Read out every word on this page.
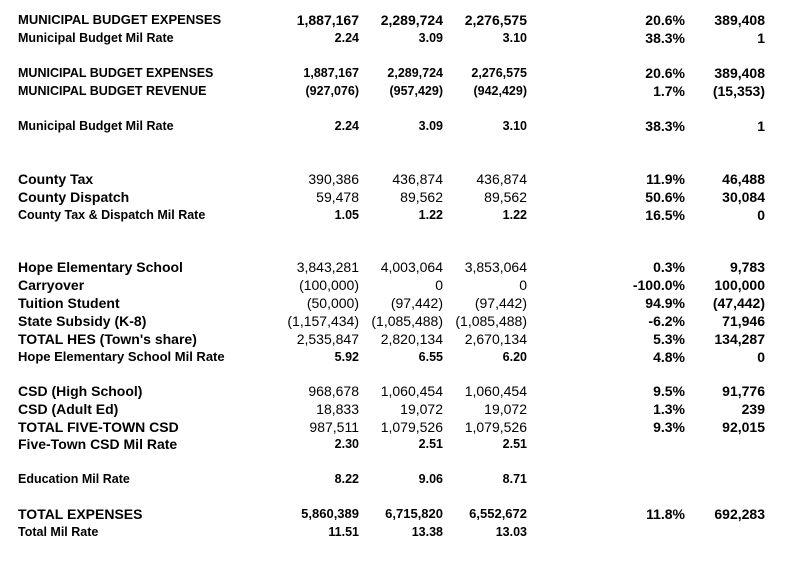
MUNICIPAL BUDGET EXPENSES	1,887,167 2,289,724 2,276,575	20.6% 389,408
Municipal Budget Mil Rate	2.24	3.09	3.10	38.3%	1
MUNICIPAL BUDGET EXPENSES	1,887,167 2,289,724 2,276,575	20.6% 389,408
MUNICIPAL BUDGET REVENUE	(927,076) (957,429) (942,429)	1.7% (15,353)
Municipal Budget Mil Rate	2.24	3.09	3.10	38.3%	1
County Tax	390,386 436,874 436,874	11.9%	46,488
County Dispatch	59,478	89,562	89,562	50.6%	30,084
County Tax & Dispatch Mil Rate	1.05	1.22	1.22	16.5%	0
Hope Elementary School	3,843,281 4,003,064 3,853,064	0.3%	9,783
Carryover	(100,000)	0	0	-100.0% 100,000
Tuition Student	(50,000) (97,442) (97,442)	94.9% (47,442)
State Subsidy (K-8)	(1,157,434) (1,085,488) (1,085,488)	-6.2%	71,946
TOTAL HES (Town's share)	2,535,847 2,820,134 2,670,134	5.3% 134,287
Hope Elementary School Mil Rate	5.92	6.55	6.20	4.8%	0
CSD (High School)	968,678 1,060,454 1,060,454	9.5%	91,776
CSD (Adult Ed)	18,833	19,072	19,072	1.3%	239
TOTAL FIVE-TOWN CSD	987,511 1,079,526 1,079,526	9.3%	92,015
Five-Town CSD Mil Rate	2.30	2.51	2.51
Education Mil Rate	8.22	9.06	8.71
TOTAL EXPENSES	5,860,389 6,715,820 6,552,672	11.8% 692,283
Total Mil Rate	11.51	13.38	13.03
